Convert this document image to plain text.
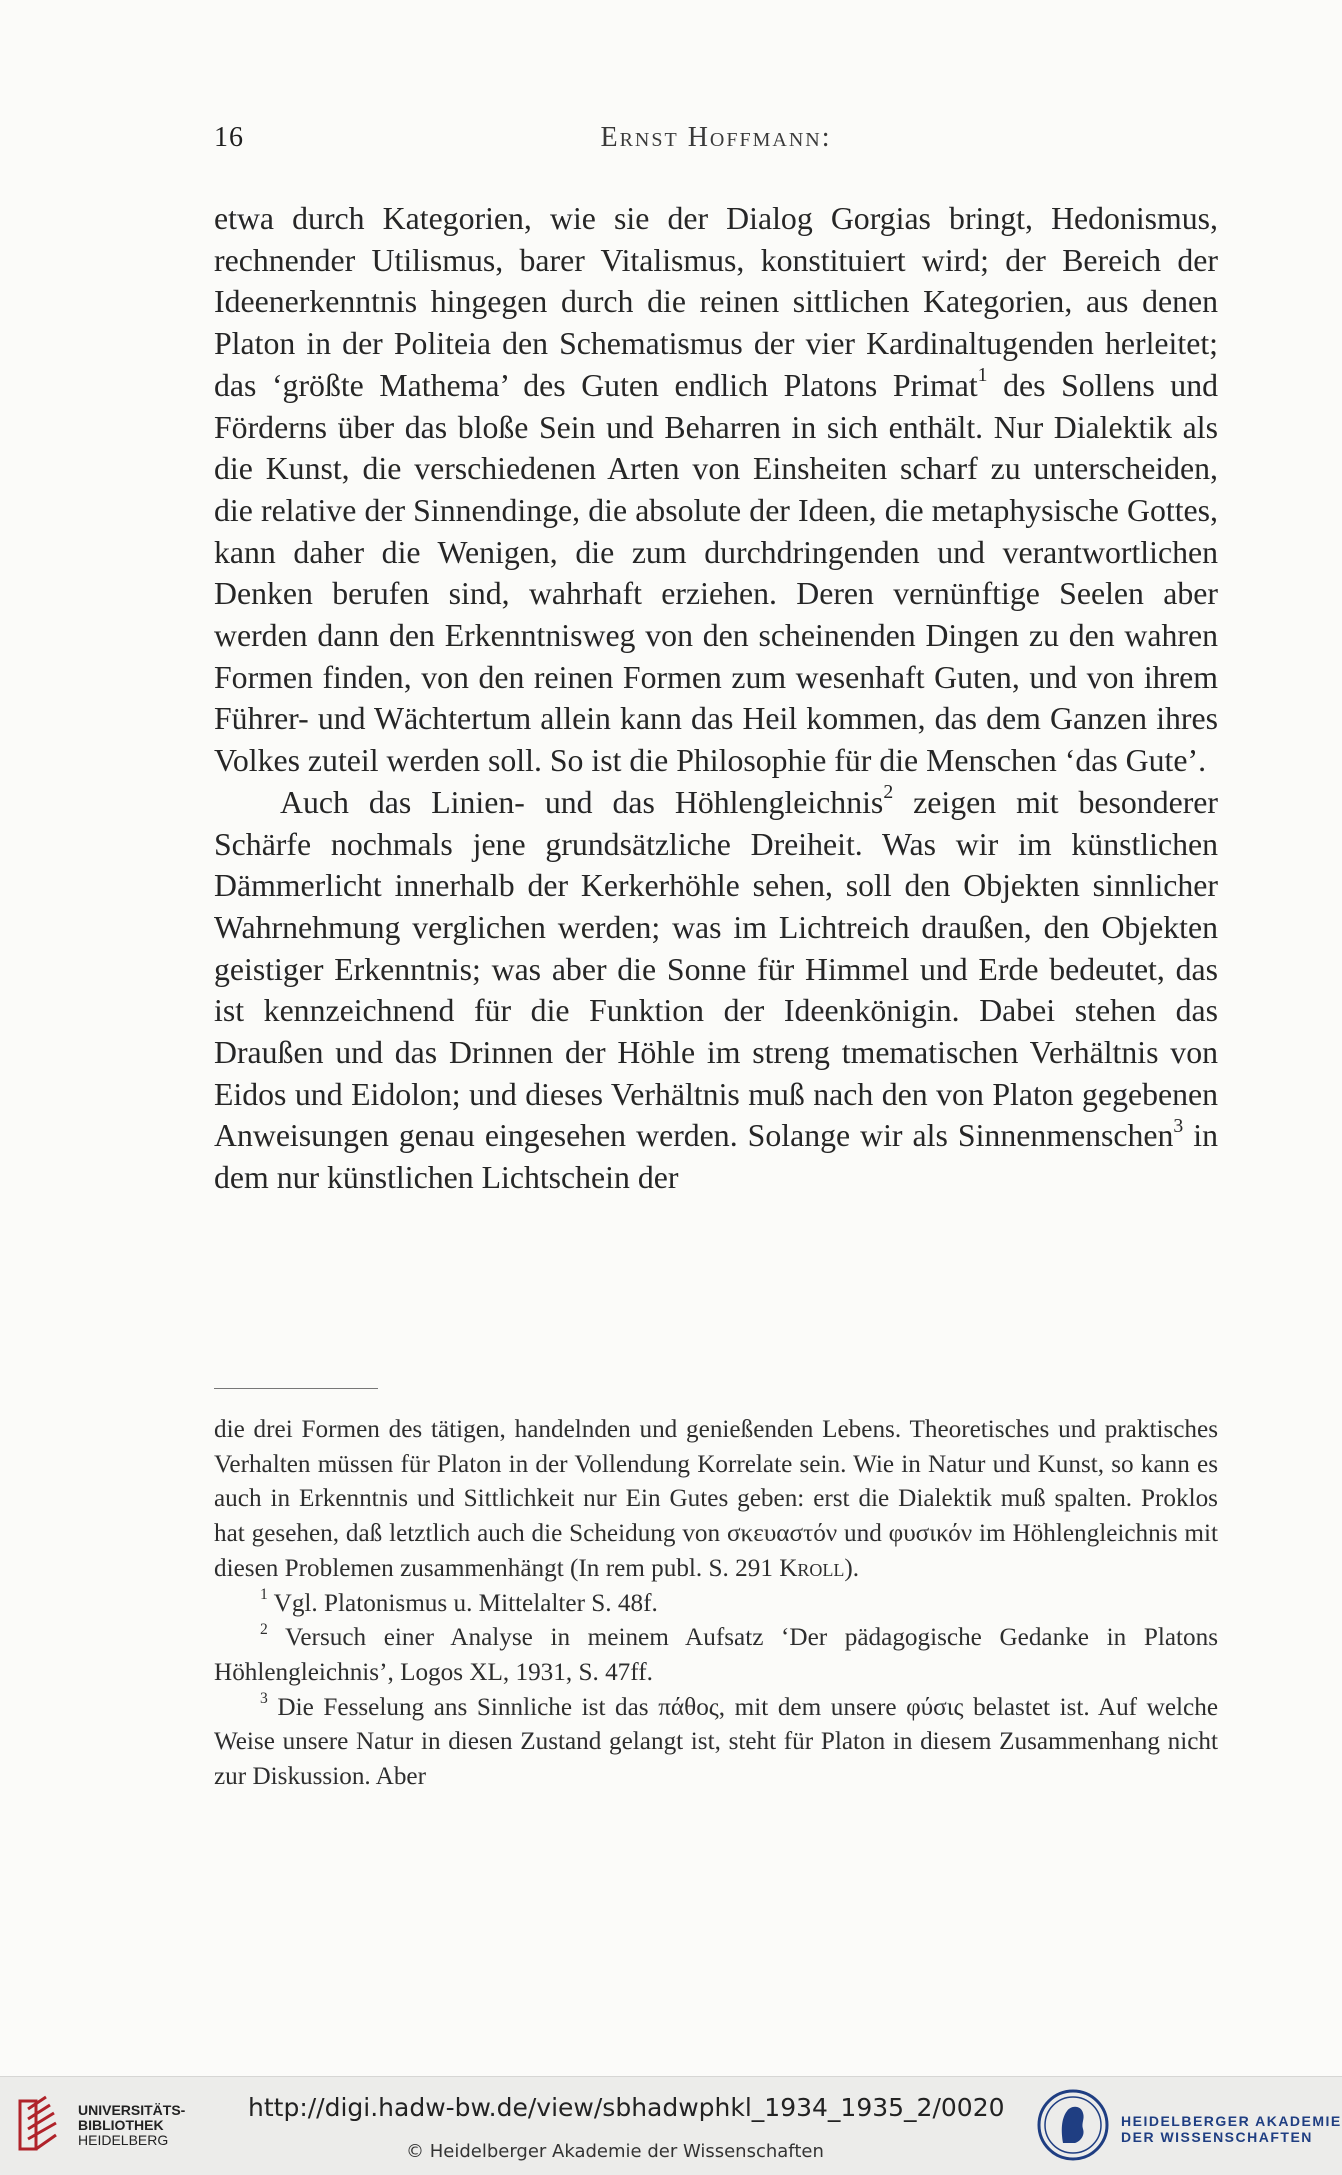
16	Ernst Hoffmann:

etwa durch Kategorien, wie sie der Dialog Gorgias bringt, Hedonismus, rechnender Utilismus, barer Vitalismus, konstituiert wird; der Bereich der Ideenerkenntnis hingegen durch die reinen sittlichen Kategorien, aus denen Platon in der Politeia den Schematismus der vier Kardinaltugenden herleitet; das ‘größte Mathema’ des Guten endlich Platons Primat$^1$ des Sollens und Förderns über das bloße Sein und Beharren in sich enthält. Nur Dialektik als die Kunst, die verschiedenen Arten von Einsheiten scharf zu unterscheiden, die relative der Sinnendinge, die absolute der Ideen, die metaphysische Gottes, kann daher die Wenigen, die zum durchdringenden und verantwortlichen Denken berufen sind, wahrhaft erziehen. Deren vernünftige Seelen aber werden dann den Erkenntnisweg von den scheinenden Dingen zu den wahren Formen finden, von den reinen Formen zum wesenhaft Guten, und von ihrem Führer- und Wächtertum allein kann das Heil kommen, das dem Ganzen ihres Volkes zuteil werden soll. So ist die Philosophie für die Menschen ‘das Gute’.

Auch das Linien- und das Höhlengleichnis$^2$ zeigen mit besonderer Schärfe nochmals jene grundsätzliche Dreiheit. Was wir im künstlichen Dämmerlicht innerhalb der Kerkerhöhle sehen, soll den Objekten sinnlicher Wahrnehmung verglichen werden; was im Lichtreich draußen, den Objekten geistiger Erkenntnis; was aber die Sonne für Himmel und Erde bedeutet, das ist kennzeichnend für die Funktion der Ideenkönigin. Dabei stehen das Draußen und das Drinnen der Höhle im streng tmematischen Verhältnis von Eidos und Eidolon; und dieses Verhältnis muß nach den von Platon gegebenen Anweisungen genau eingesehen werden. Solange wir als Sinnenmenschen$^3$ in dem nur künstlichen Lichtschein der

die drei Formen des tätigen, handelnden und genießenden Lebens. Theoretisches und praktisches Verhalten müssen für Platon in der Vollendung Korrelate sein. Wie in Natur und Kunst, so kann es auch in Erkenntnis und Sittlichkeit nur Ein Gutes geben: erst die Dialektik muß spalten. Proklos hat gesehen, daß letztlich auch die Scheidung von σκευαστόν und φυσικόν im Höhlengleichnis mit diesen Problemen zusammenhängt (In rem publ. S. 291 Kroll).

$^1$ Vgl. Platonismus u. Mittelalter S. 48f.

$^2$ Versuch einer Analyse in meinem Aufsatz ‘Der pädagogische Gedanke in Platons Höhlengleichnis’, Logos XL, 1931, S. 47ff.

$^3$ Die Fesselung ans Sinnliche ist das πάθος, mit dem unsere φύσις belastet ist. Auf welche Weise unsere Natur in diesen Zustand gelangt ist, steht für Platon in diesem Zusammenhang nicht zur Diskussion. Aber

UNIVERSITÄTS-
BIBLIOTHEK
HEIDELBERG
http://digi.hadw-bw.de/view/sbhadwphkl_1934_1935_2/0020
© Heidelberger Akademie der Wissenschaften
HEIDELBERGER AKADEMIE
DER WISSENSCHAFTEN
